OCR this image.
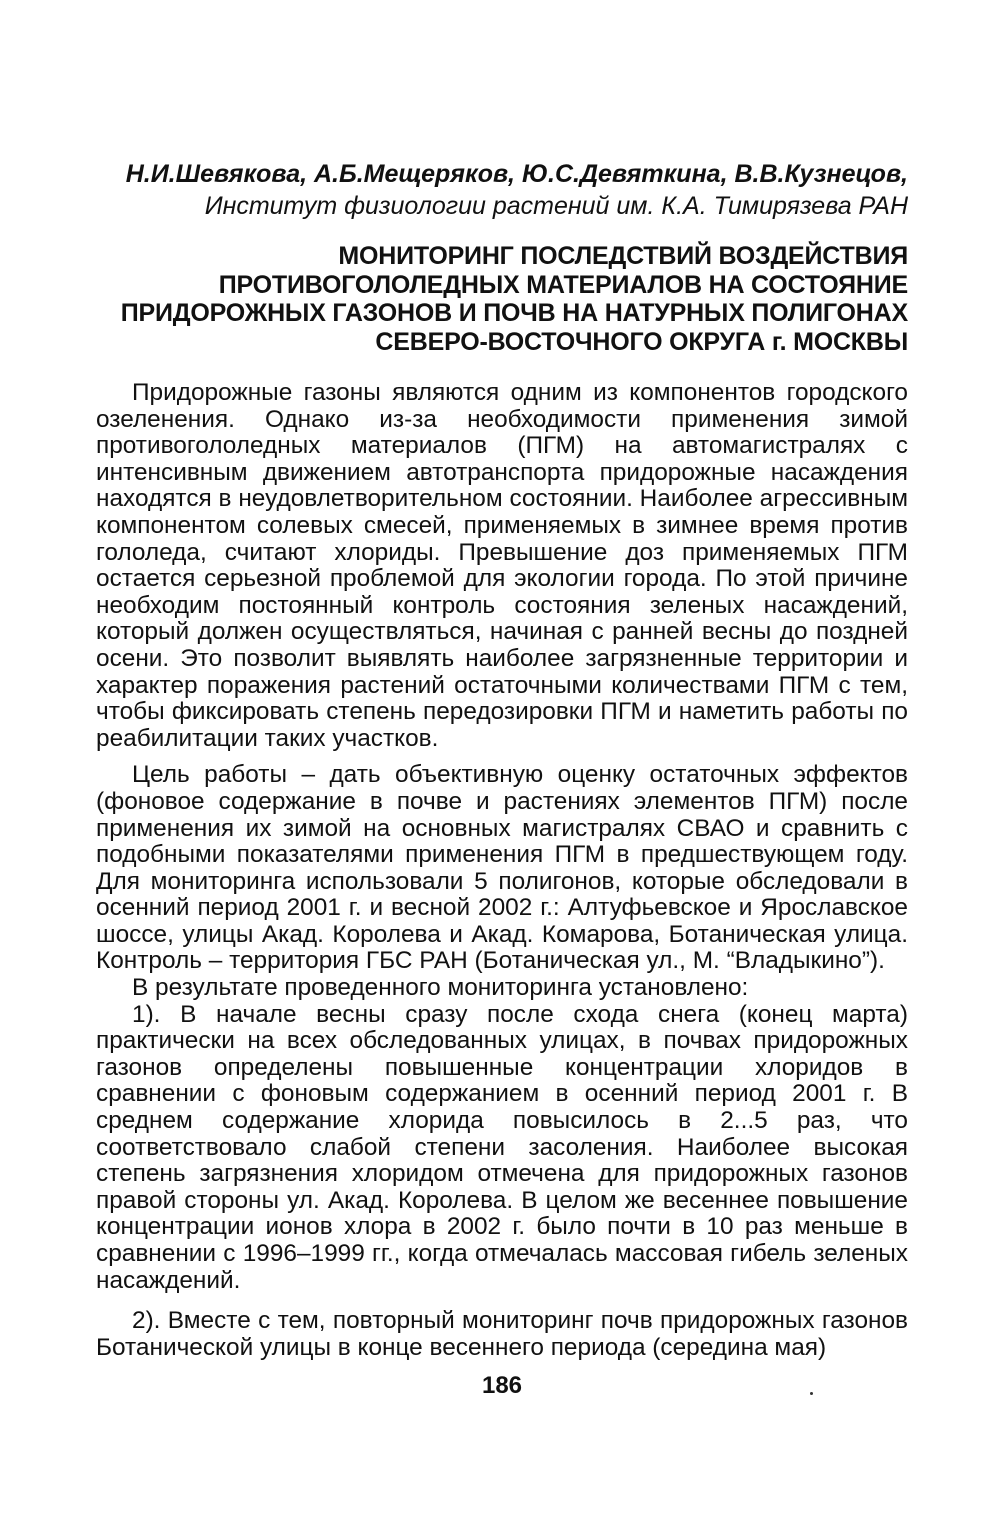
Н.И.Шевякова, А.Б.Мещеряков, Ю.С.Девяткина, В.В.Кузнецов,
Институт физиологии растений им. К.А. Тимирязева РАН
МОНИТОРИНГ ПОСЛЕДСТВИЙ ВОЗДЕЙСТВИЯ
ПРОТИВОГОЛОЛЕДНЫХ МАТЕРИАЛОВ НА СОСТОЯНИЕ
ПРИДОРОЖНЫХ ГАЗОНОВ И ПОЧВ НА НАТУРНЫХ ПОЛИГОНАХ
СЕВЕРО-ВОСТОЧНОГО ОКРУГА г. МОСКВЫ

Придорожные газоны являются одним из компонентов городского озеленения. Однако из-за необходимости применения зимой противогололедных материалов (ПГМ) на автомагистралях с интенсивным движением автотранспорта придорожные насаждения находятся в неудовлетворительном состоянии. Наиболее агрессивным компонентом солевых смесей, применяемых в зимнее время против гололеда, считают хлориды. Превышение доз применяемых ПГМ остается серьезной проблемой для экологии города. По этой причине необходим постоянный контроль состояния зеленых насаждений, который должен осуществляться, начиная с ранней весны до поздней осени. Это позволит выявлять наиболее загрязненные территории и характер поражения растений остаточными количествами ПГМ с тем, чтобы фиксировать степень передозировки ПГМ и наметить работы по реабилитации таких участков.

Цель работы – дать объективную оценку остаточных эффектов (фоновое содержание в почве и растениях элементов ПГМ) после применения их зимой на основных магистралях СВАО и сравнить с подобными показателями применения ПГМ в предшествующем году. Для мониторинга использовали 5 полигонов, которые обследовали в осенний период 2001 г. и весной 2002 г.: Алтуфьевское и Ярославское шоссе, улицы Акад. Королева и Акад. Комарова, Ботаническая улица. Контроль – территория ГБС РАН (Ботаническая ул., М. “Владыкино”).

В результате проведенного мониторинга установлено:

1). В начале весны сразу после схода снега (конец марта) практически на всех обследованных улицах, в почвах придорожных газонов определены повышенные концентрации хлоридов в сравнении с фоновым содержанием в осенний период 2001 г. В среднем содержание хлорида повысилось в 2...5 раз, что соответствовало слабой степени засоления. Наиболее высокая степень загрязнения хлоридом отмечена для придорожных газонов правой стороны ул. Акад. Королева. В целом же весеннее повышение концентрации ионов хлора в 2002 г. было почти в 10 раз меньше в сравнении с 1996–1999 гг., когда отмечалась массовая гибель зеленых насаждений.

2). Вместе с тем, повторный мониторинг почв придорожных газонов Ботанической улицы в конце весеннего периода (середина мая)

186
